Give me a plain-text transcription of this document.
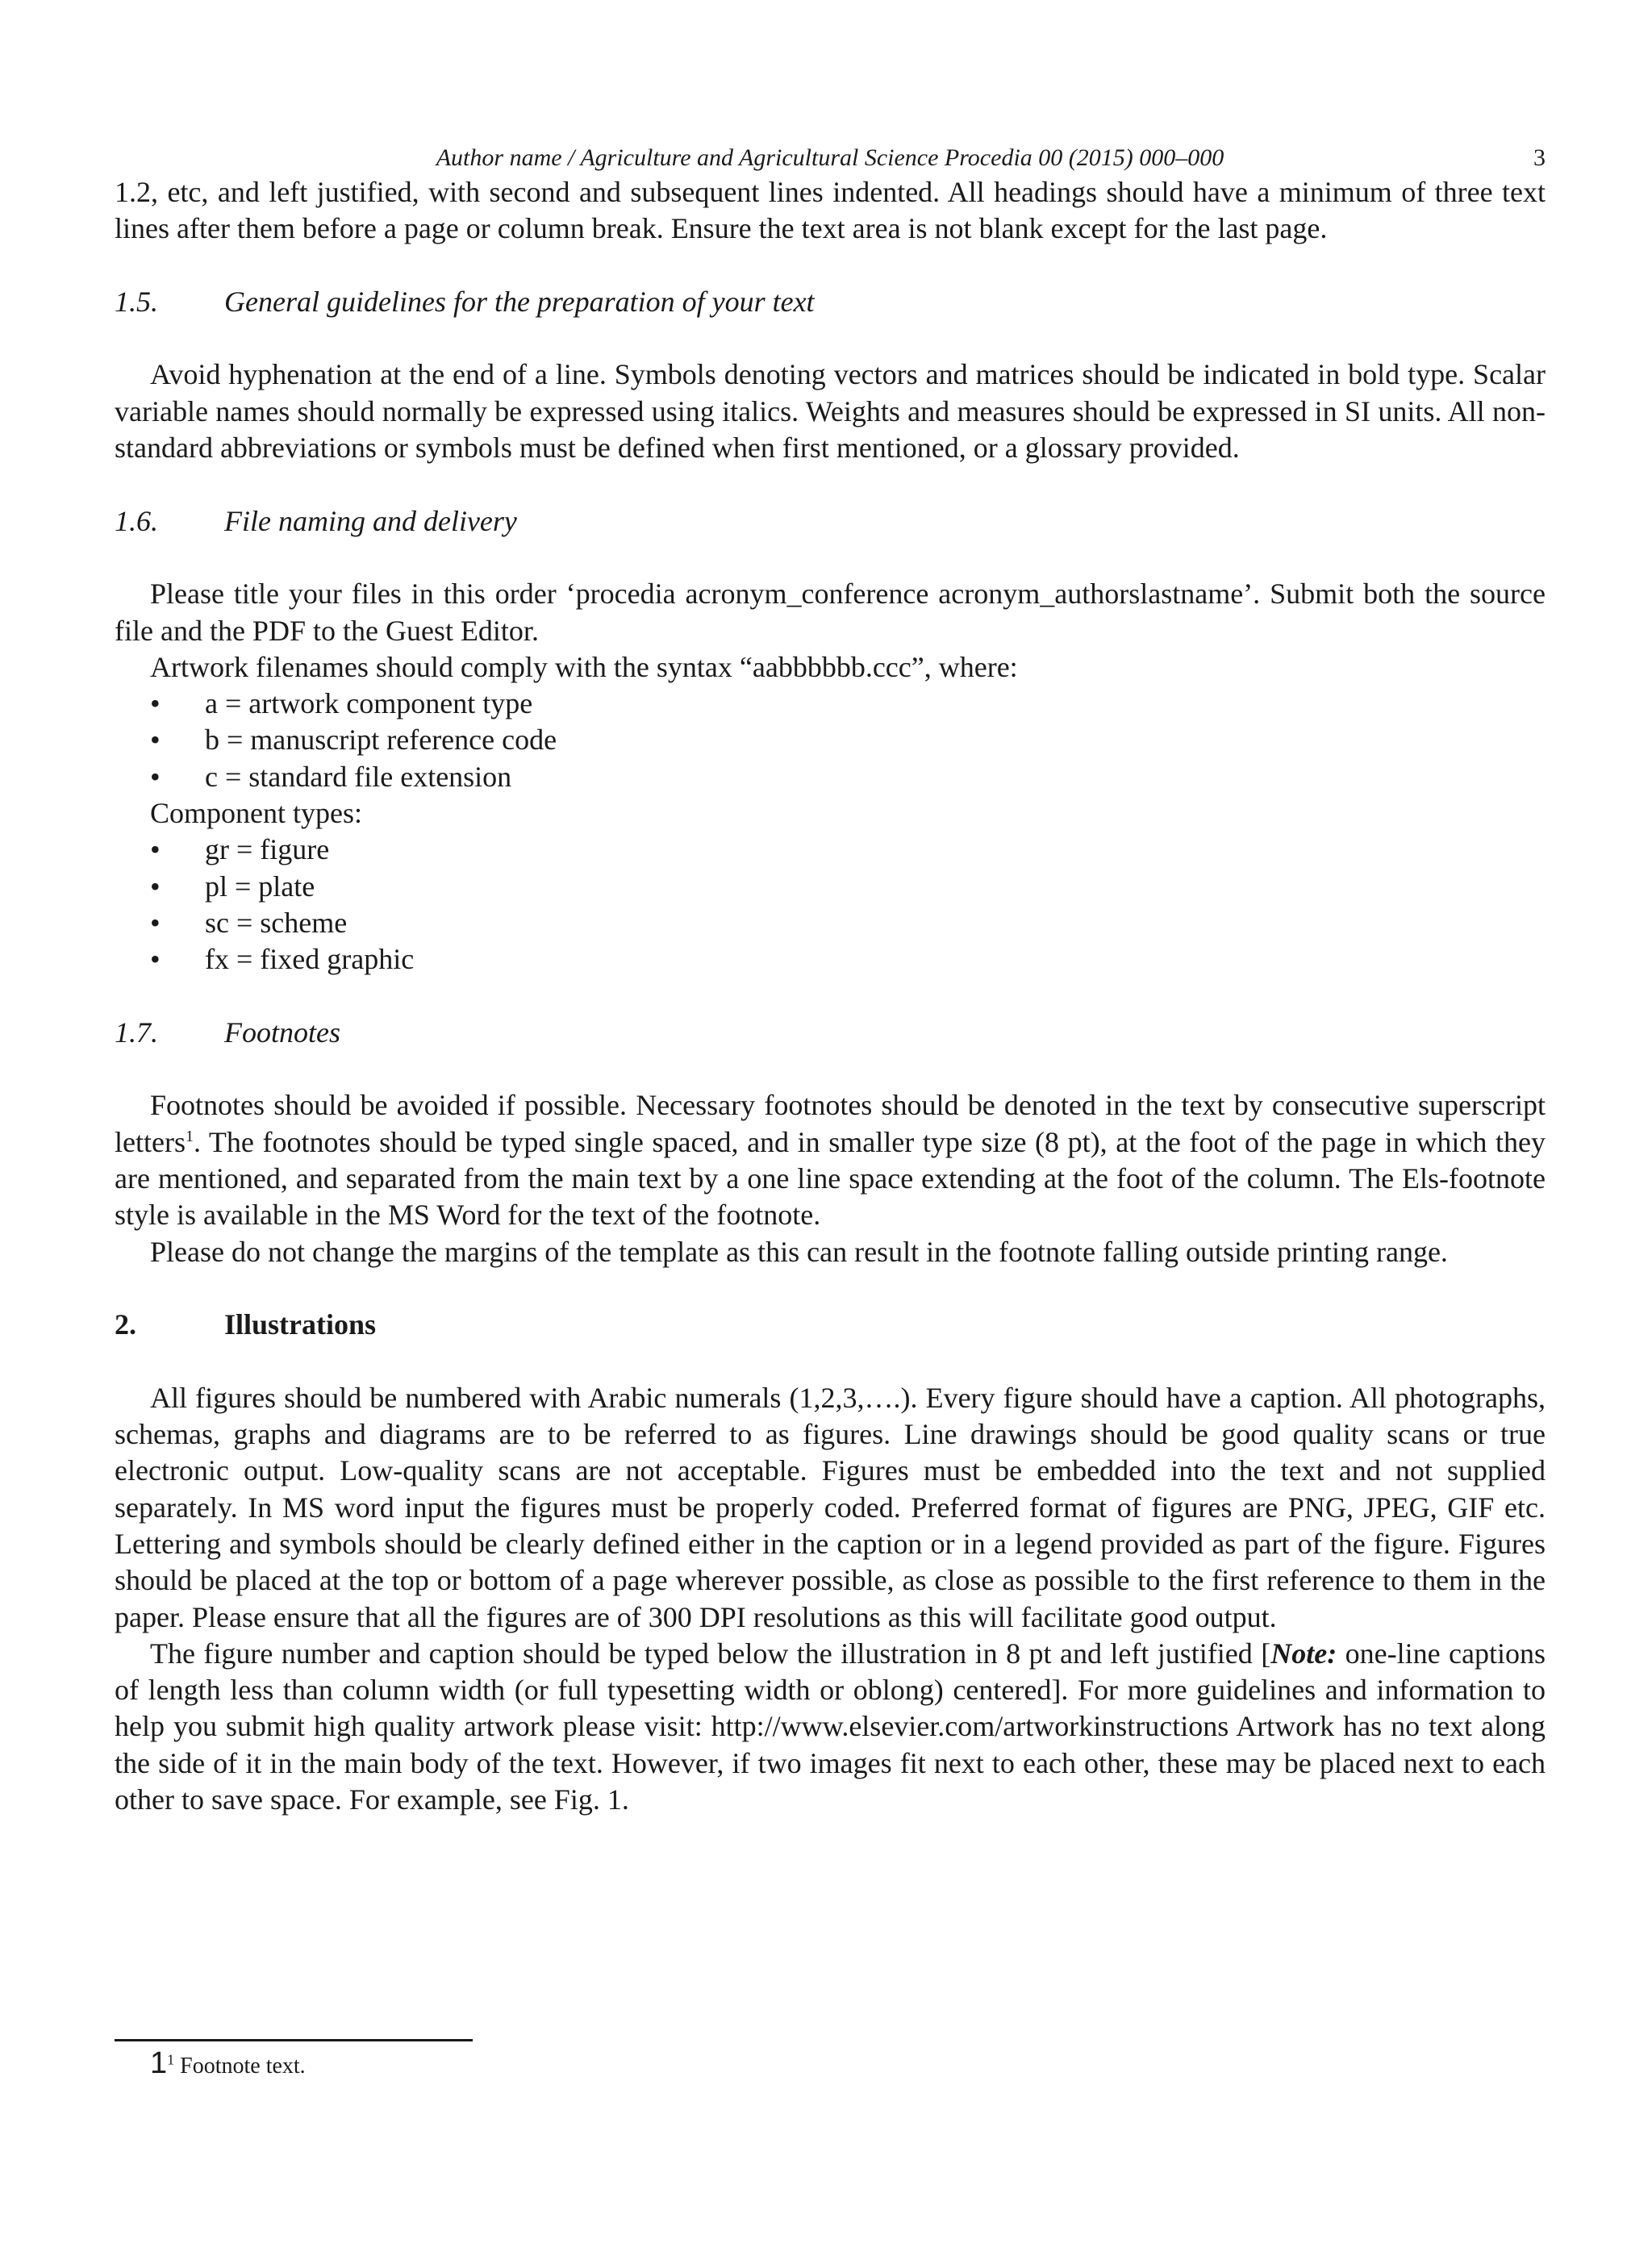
Author name / Agriculture and Agricultural Science Procedia 00 (2015) 000–000	3

1.2, etc, and left justified, with second and subsequent lines indented. All headings should have a minimum of three text lines after them before a page or column break. Ensure the text area is not blank except for the last page.

1.5.	General guidelines for the preparation of your text

Avoid hyphenation at the end of a line. Symbols denoting vectors and matrices should be indicated in bold type. Scalar variable names should normally be expressed using italics. Weights and measures should be expressed in SI units. All non-standard abbreviations or symbols must be defined when first mentioned, or a glossary provided.

1.6.	File naming and delivery

Please title your files in this order ‘procedia acronym_conference acronym_authorslastname’. Submit both the source file and the PDF to the Guest Editor.

Artwork filenames should comply with the syntax “aabbbbbb.ccc”, where:

•	a = artwork component type
•	b = manuscript reference code
•	c = standard file extension

Component types:

•	gr = figure
•	pl = plate
•	sc = scheme
•	fx = fixed graphic
1.7.	Footnotes

Footnotes should be avoided if possible. Necessary footnotes should be denoted in the text by consecutive superscript letters$^1$. The footnotes should be typed single spaced, and in smaller type size (8 pt), at the foot of the page in which they are mentioned, and separated from the main text by a one line space extending at the foot of the column. The Els-footnote style is available in the MS Word for the text of the footnote.

Please do not change the margins of the template as this can result in the footnote falling outside printing range.

2.	Illustrations

All figures should be numbered with Arabic numerals (1,2,3,….). Every figure should have a caption. All photographs, schemas, graphs and diagrams are to be referred to as figures. Line drawings should be good quality scans or true electronic output. Low-quality scans are not acceptable. Figures must be embedded into the text and not supplied separately. In MS word input the figures must be properly coded. Preferred format of figures are PNG, JPEG, GIF etc. Lettering and symbols should be clearly defined either in the caption or in a legend provided as part of the figure. Figures should be placed at the top or bottom of a page wherever possible, as close as possible to the first reference to them in the paper. Please ensure that all the figures are of 300 DPI resolutions as this will facilitate good output.

The figure number and caption should be typed below the illustration in 8 pt and left justified [Note: one-line captions of length less than column width (or full typesetting width or oblong) centered]. For more guidelines and information to help you submit high quality artwork please visit: http://www.elsevier.com/artworkinstructions Artwork has no text along the side of it in the main body of the text. However, if two images fit next to each other, these may be placed next to each other to save space. For example, see Fig. 1.

$1^1$ Footnote text.
